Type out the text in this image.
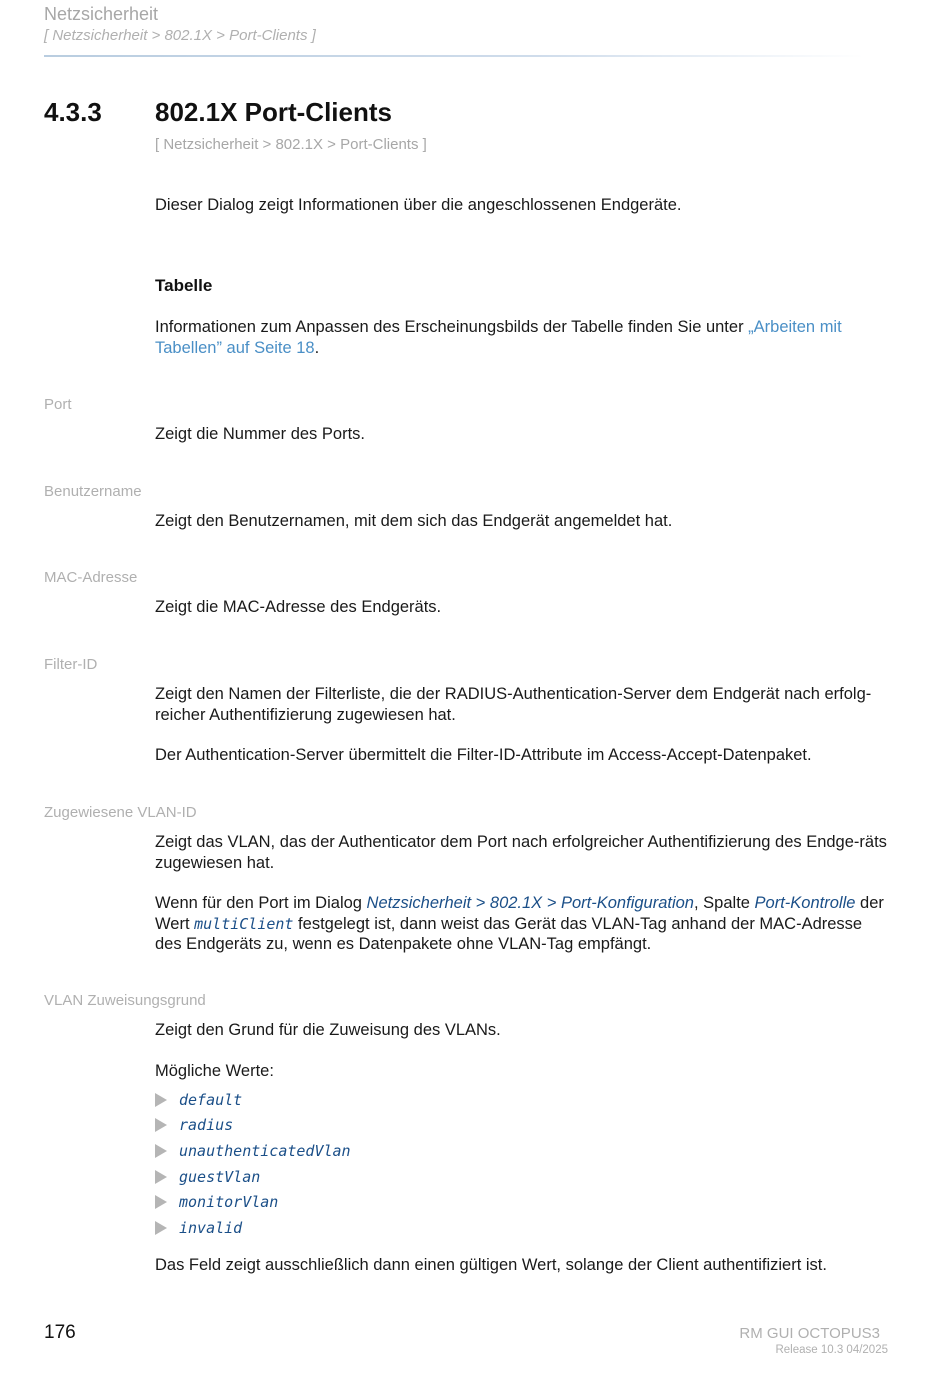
Netzsicherheit
[ Netzsicherheit > 802.1X > Port-Clients ]
4.3.3 802.1X Port-Clients
[ Netzsicherheit > 802.1X > Port-Clients ]
Dieser Dialog zeigt Informationen über die angeschlossenen Endgeräte.
Tabelle
Informationen zum Anpassen des Erscheinungsbilds der Tabelle finden Sie unter „Arbeiten mit Tabellen” auf Seite 18.
Port
Zeigt die Nummer des Ports.
Benutzername
Zeigt den Benutzernamen, mit dem sich das Endgerät angemeldet hat.
MAC-Adresse
Zeigt die MAC-Adresse des Endgeräts.
Filter-ID
Zeigt den Namen der Filterliste, die der RADIUS-Authentication-Server dem Endgerät nach erfolg-reicher Authentifizierung zugewiesen hat.
Der Authentication-Server übermittelt die Filter-ID-Attribute im Access-Accept-Datenpaket.
Zugewiesene VLAN-ID
Zeigt das VLAN, das der Authenticator dem Port nach erfolgreicher Authentifizierung des Endge-räts zugewiesen hat.
Wenn für den Port im Dialog Netzsicherheit > 802.1X > Port-Konfiguration, Spalte Port-Kontrolle der Wert multiClient festgelegt ist, dann weist das Gerät das VLAN-Tag anhand der MAC-Adresse des Endgeräts zu, wenn es Datenpakete ohne VLAN-Tag empfängt.
VLAN Zuweisungsgrund
Zeigt den Grund für die Zuweisung des VLANs.
Mögliche Werte:
default
radius
unauthenticatedVlan
guestVlan
monitorVlan
invalid
Das Feld zeigt ausschließlich dann einen gültigen Wert, solange der Client authentifiziert ist.
176	RM GUI OCTOPUS3
Release 10.3 04/2025
